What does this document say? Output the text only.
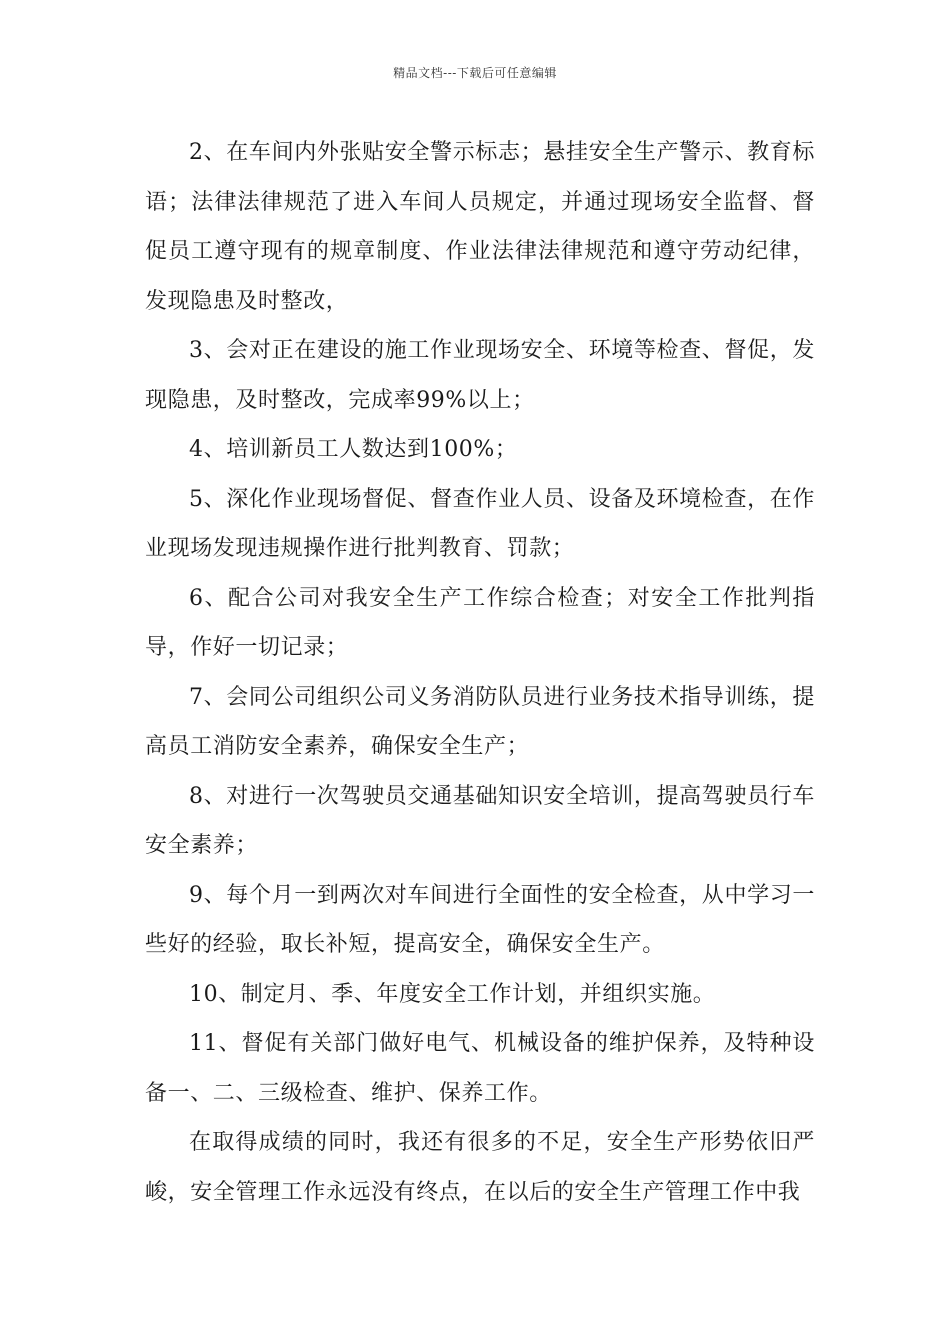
精品文档---下载后可任意编辑

2、在车间内外张贴安全警示标志；悬挂安全生产警示、教育标语；法律法律规范了进入车间人员规定，并通过现场安全监督、督促员工遵守现有的规章制度、作业法律法律规范和遵守劳动纪律，发现隐患及时整改，

3、会对正在建设的施工作业现场安全、环境等检查、督促，发现隐患，及时整改，完成率99%以上；

4、培训新员工人数达到100%；

5、深化作业现场督促、督查作业人员、设备及环境检查，在作业现场发现违规操作进行批判教育、罚款；

6、配合公司对我安全生产工作综合检查；对安全工作批判指导，作好一切记录；

7、会同公司组织公司义务消防队员进行业务技术指导训练，提高员工消防安全素养，确保安全生产；

8、对进行一次驾驶员交通基础知识安全培训，提高驾驶员行车安全素养；

9、每个月一到两次对车间进行全面性的安全检查，从中学习一些好的经验，取长补短，提高安全，确保安全生产。

10、制定月、季、年度安全工作计划，并组织实施。

11、督促有关部门做好电气、机械设备的维护保养，及特种设备一、二、三级检查、维护、保养工作。

在取得成绩的同时，我还有很多的不足，安全生产形势依旧严峻，安全管理工作永远没有终点，在以后的安全生产管理工作中我
